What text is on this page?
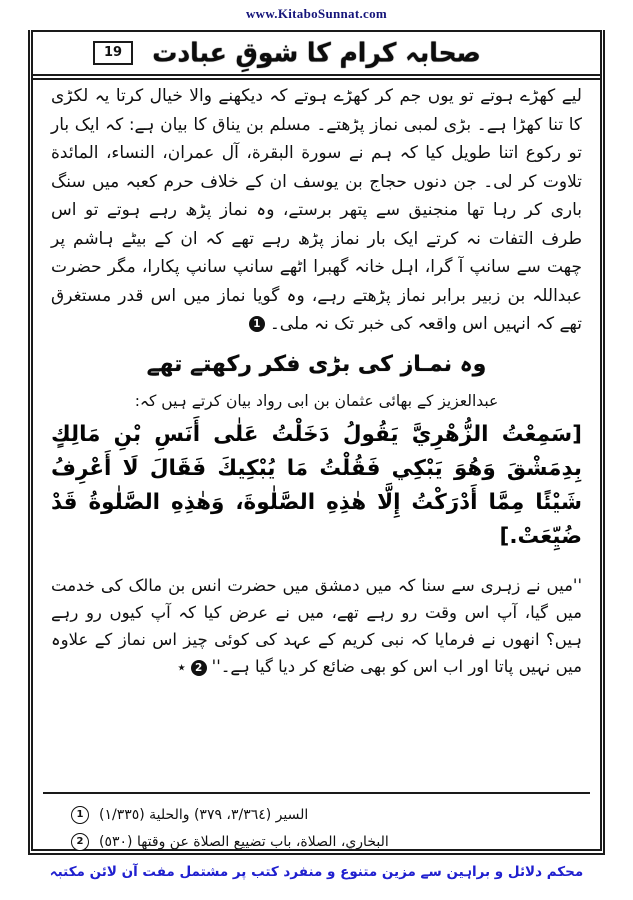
www.KitaboSunnat.com
19	صحابہ کرام کا شوقِ عبادت

لیے کھڑے ہوتے تو یوں جم کر کھڑے ہوتے کہ دیکھنے والا خیال کرتا یہ لکڑی کا تنا کھڑا ہے۔ بڑی لمبی نماز پڑھتے۔ مسلم بن یناق کا بیان ہے: کہ ایک بار تو رکوع اتنا طویل کیا کہ ہم نے سورة البقرة، آل عمران، النساء، المائدة تلاوت کر لی۔ جن دنوں حجاج بن یوسف ان کے خلاف حرم کعبہ میں سنگ باری کر رہا تھا منجنیق سے پتھر برستے، وہ نماز پڑھ رہے ہوتے تو اس طرف التفات نہ کرتے ایک بار نماز پڑھ رہے تھے کہ ان کے بیٹے ہاشم پر چھت سے سانپ آ گرا، اہل خانہ گھبرا اٹھے سانپ سانپ پکارا، مگر حضرت عبداللہ بن زبیر برابر نماز پڑھتے رہے، وہ گویا نماز میں اس قدر مستغرق تھے کہ انہیں اس واقعہ کی خبر تک نہ ملی۔1

وہ نمـاز کی بڑی فکر رکھتے تھے

عبدالعزیز کے بھائی عثمان بن ابی رواد بیان کرتے ہیں کہ:

[سَمِعْتُ الزُّهْرِيَّ يَقُولُ دَخَلْتُ عَلٰى أَنَسِ بْنِ مَالِكٍ بِدِمَشْقَ وَهُوَ يَبْكِي فَقُلْتُ مَا يُبْكِيكَ فَقَالَ لَا أَعْرِفُ شَيْئًا مِمَّا أَدْرَكْتُ إِلَّا هٰذِهِ الصَّلٰوةَ، وَهٰذِهِ الصَّلٰوةُ قَدْ ضُيِّعَتْ.]

''میں نے زہری سے سنا کہ میں دمشق میں حضرت انس بن مالک کی خدمت میں گیا، آپ اس وقت رو رہے تھے، میں نے عرض کیا کہ آپ کیوں رو رہے ہیں؟ انھوں نے فرمایا کہ نبی کریم کے عہد کی کوئی چیز اس نماز کے علاوہ میں نہیں پاتا اور اب اس کو بھی ضائع کر دیا گیا ہے۔''2٭

1 السير (٣/٣٦٤، ٣٧٩) والحلية (١/٣٣٥)
2 البخاري، الصلاة، باب تضييع الصلاة عن وقتها (٥٣٠)
محکم دلائل و براہین سے مزین متنوع و منفرد کتب پر مشتمل مفت آن لائن مکتبہ
